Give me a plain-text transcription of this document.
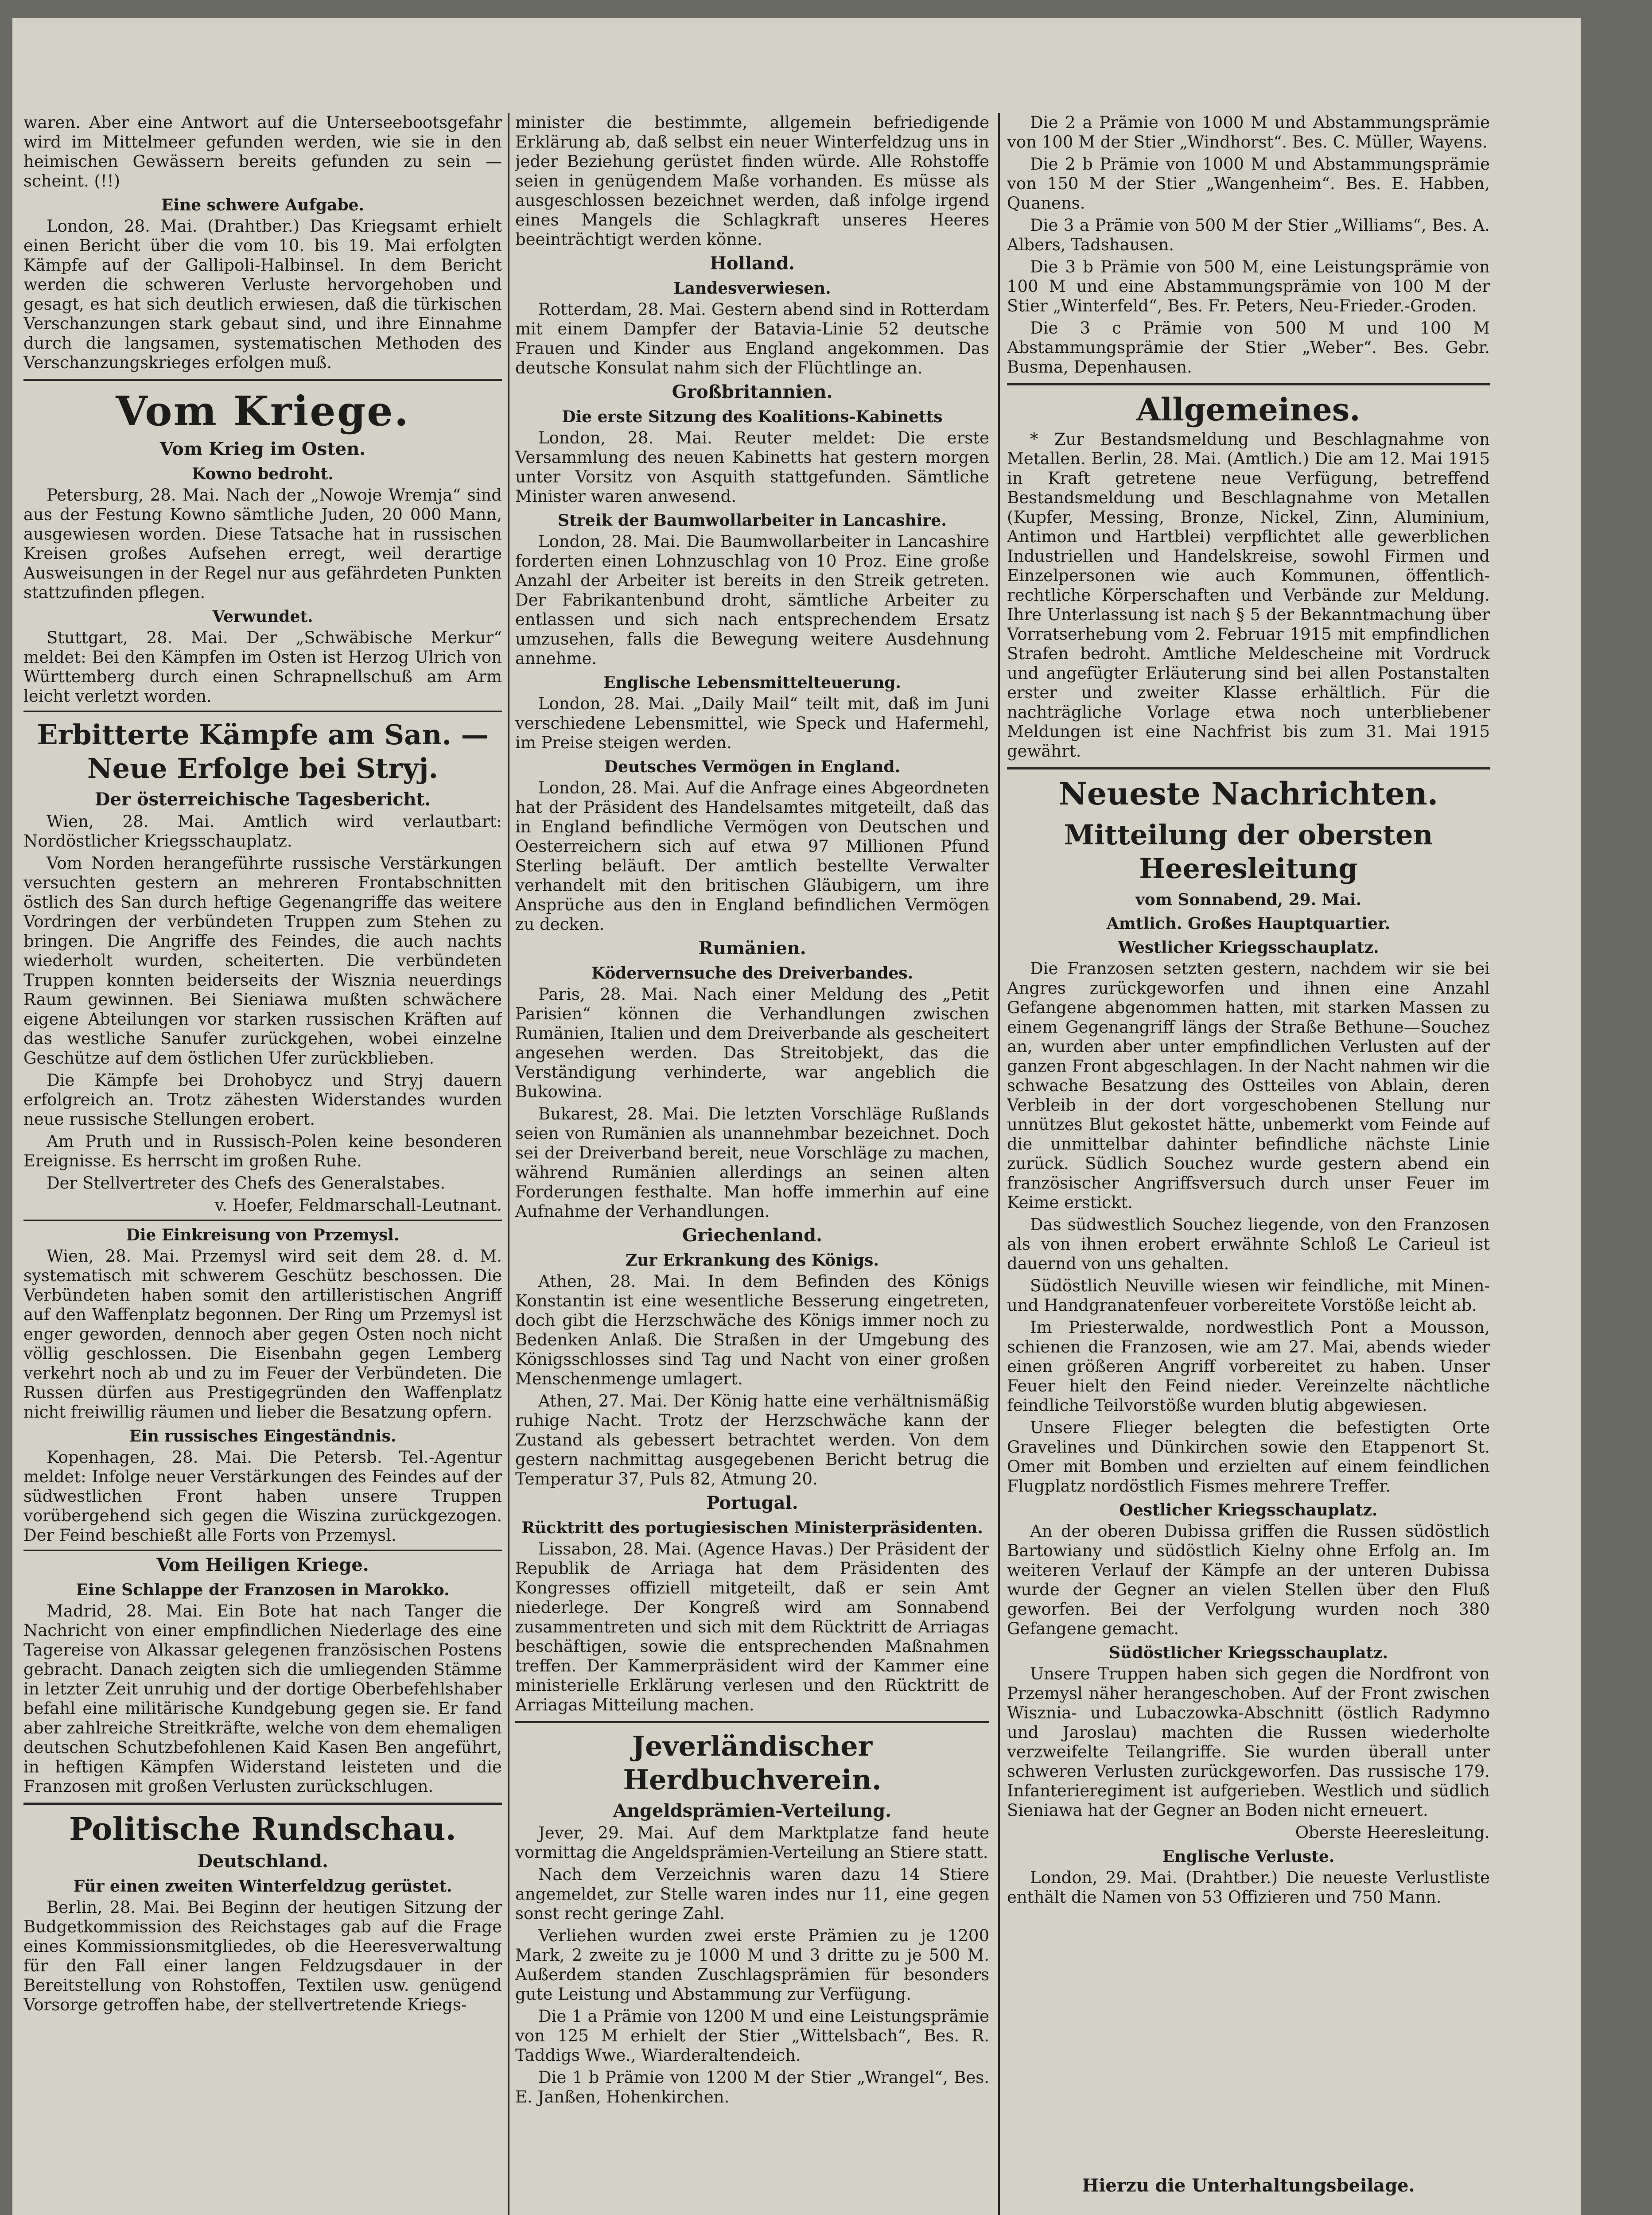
waren. Aber eine Antwort auf die Unterseebootsgefahr wird im Mittelmeer gefunden werden, wie sie in den heimischen Gewässern bereits gefunden zu sein — scheint. (!!)

Eine schwere Aufgabe.

London, 28. Mai. (Drahtber.) Das Kriegsamt erhielt einen Bericht über die vom 10. bis 19. Mai erfolgten Kämpfe auf der Gallipoli-Halbinsel. In dem Bericht werden die schweren Verluste hervorgehoben und gesagt, es hat sich deutlich erwiesen, daß die türkischen Verschanzungen stark gebaut sind, und ihre Einnahme durch die langsamen, systematischen Methoden des Verschanzungskrieges erfolgen muß.

Vom Kriege.
Vom Krieg im Osten.
Kowno bedroht.

Petersburg, 28. Mai. Nach der „Nowoje Wremja“ sind aus der Festung Kowno sämtliche Juden, 20 000 Mann, ausgewiesen worden. Diese Tatsache hat in russischen Kreisen großes Aufsehen erregt, weil derartige Ausweisungen in der Regel nur aus gefährdeten Punkten stattzufinden pflegen.

Verwundet.

Stuttgart, 28. Mai. Der „Schwäbische Merkur“ meldet: Bei den Kämpfen im Osten ist Herzog Ulrich von Württemberg durch einen Schrapnellschuß am Arm leicht verletzt worden.

Erbitterte Kämpfe am San. — Neue Erfolge bei Stryj.
Der österreichische Tagesbericht.

Wien, 28. Mai. Amtlich wird verlautbart: Nordöstlicher Kriegsschauplatz.

Vom Norden herangeführte russische Verstärkungen versuchten gestern an mehreren Frontabschnitten östlich des San durch heftige Gegenangriffe das weitere Vordringen der verbündeten Truppen zum Stehen zu bringen. Die Angriffe des Feindes, die auch nachts wiederholt wurden, scheiterten. Die verbündeten Truppen konnten beiderseits der Wisznia neuerdings Raum gewinnen. Bei Sieniawa mußten schwächere eigene Abteilungen vor starken russischen Kräften auf das westliche Sanufer zurückgehen, wobei einzelne Geschütze auf dem östlichen Ufer zurückblieben.

Die Kämpfe bei Drohobycz und Stryj dauern erfolgreich an. Trotz zähesten Widerstandes wurden neue russische Stellungen erobert.

Am Pruth und in Russisch-Polen keine besonderen Ereignisse. Es herrscht im großen Ruhe.

Der Stellvertreter des Chefs des Generalstabes.

v. Hoefer, Feldmarschall-Leutnant.
Die Einkreisung von Przemysl.

Wien, 28. Mai. Przemysl wird seit dem 28. d. M. systematisch mit schwerem Geschütz beschossen. Die Verbündeten haben somit den artilleristischen Angriff auf den Waffenplatz begonnen. Der Ring um Przemysl ist enger geworden, dennoch aber gegen Osten noch nicht völlig geschlossen. Die Eisenbahn gegen Lemberg verkehrt noch ab und zu im Feuer der Verbündeten. Die Russen dürfen aus Prestigegründen den Waffenplatz nicht freiwillig räumen und lieber die Besatzung opfern.

Ein russisches Eingeständnis.

Kopenhagen, 28. Mai. Die Petersb. Tel.-Agentur meldet: Infolge neuer Verstärkungen des Feindes auf der südwestlichen Front haben unsere Truppen vorübergehend sich gegen die Wiszina zurückgezogen. Der Feind beschießt alle Forts von Przemysl.

Vom Heiligen Kriege.
Eine Schlappe der Franzosen in Marokko.

Madrid, 28. Mai. Ein Bote hat nach Tanger die Nachricht von einer empfindlichen Niederlage des eine Tagereise von Alkassar gelegenen französischen Postens gebracht. Danach zeigten sich die umliegenden Stämme in letzter Zeit unruhig und der dortige Oberbefehlshaber befahl eine militärische Kundgebung gegen sie. Er fand aber zahlreiche Streitkräfte, welche von dem ehemaligen deutschen Schutzbefohlenen Kaid Kasen Ben angeführt, in heftigen Kämpfen Widerstand leisteten und die Franzosen mit großen Verlusten zurückschlugen.

Politische Rundschau.
Deutschland.
Für einen zweiten Winterfeldzug gerüstet.

Berlin, 28. Mai. Bei Beginn der heutigen Sitzung der Budgetkommission des Reichstages gab auf die Frage eines Kommissionsmitgliedes, ob die Heeresverwaltung für den Fall einer langen Feldzugsdauer in der Bereitstellung von Rohstoffen, Textilen usw. genügend Vorsorge getroffen habe, der stellvertretende Kriegs-

minister die bestimmte, allgemein befriedigende Erklärung ab, daß selbst ein neuer Winterfeldzug uns in jeder Beziehung gerüstet finden würde. Alle Rohstoffe seien in genügendem Maße vorhanden. Es müsse als ausgeschlossen bezeichnet werden, daß infolge irgend eines Mangels die Schlagkraft unseres Heeres beeinträchtigt werden könne.

Holland.
Landesverwiesen.

Rotterdam, 28. Mai. Gestern abend sind in Rotterdam mit einem Dampfer der Batavia-Linie 52 deutsche Frauen und Kinder aus England angekommen. Das deutsche Konsulat nahm sich der Flüchtlinge an.

Großbritannien.
Die erste Sitzung des Koalitions-Kabinetts

London, 28. Mai. Reuter meldet: Die erste Versammlung des neuen Kabinetts hat gestern morgen unter Vorsitz von Asquith stattgefunden. Sämtliche Minister waren anwesend.

Streik der Baumwollarbeiter in Lancashire.

London, 28. Mai. Die Baumwollarbeiter in Lancashire forderten einen Lohnzuschlag von 10 Proz. Eine große Anzahl der Arbeiter ist bereits in den Streik getreten. Der Fabrikantenbund droht, sämtliche Arbeiter zu entlassen und sich nach entsprechendem Ersatz umzusehen, falls die Bewegung weitere Ausdehnung annehme.

Englische Lebensmittelteuerung.

London, 28. Mai. „Daily Mail“ teilt mit, daß im Juni verschiedene Lebensmittel, wie Speck und Hafermehl, im Preise steigen werden.

Deutsches Vermögen in England.

London, 28. Mai. Auf die Anfrage eines Abgeordneten hat der Präsident des Handelsamtes mitgeteilt, daß das in England befindliche Vermögen von Deutschen und Oesterreichern sich auf etwa 97 Millionen Pfund Sterling beläuft. Der amtlich bestellte Verwalter verhandelt mit den britischen Gläubigern, um ihre Ansprüche aus den in England befindlichen Vermögen zu decken.

Rumänien.
Ködervernsuche des Dreiverbandes.

Paris, 28. Mai. Nach einer Meldung des „Petit Parisien“ können die Verhandlungen zwischen Rumänien, Italien und dem Dreiverbande als gescheitert angesehen werden. Das Streitobjekt, das die Verständigung verhinderte, war angeblich die Bukowina.

Bukarest, 28. Mai. Die letzten Vorschläge Rußlands seien von Rumänien als unannehmbar bezeichnet. Doch sei der Dreiverband bereit, neue Vorschläge zu machen, während Rumänien allerdings an seinen alten Forderungen festhalte. Man hoffe immerhin auf eine Aufnahme der Verhandlungen.

Griechenland.
Zur Erkrankung des Königs.

Athen, 28. Mai. In dem Befinden des Königs Konstantin ist eine wesentliche Besserung eingetreten, doch gibt die Herzschwäche des Königs immer noch zu Bedenken Anlaß. Die Straßen in der Umgebung des Königsschlosses sind Tag und Nacht von einer großen Menschenmenge umlagert.

Athen, 27. Mai. Der König hatte eine verhältnismäßig ruhige Nacht. Trotz der Herzschwäche kann der Zustand als gebessert betrachtet werden. Von dem gestern nachmittag ausgegebenen Bericht betrug die Temperatur 37, Puls 82, Atmung 20.

Portugal.
Rücktritt des portugiesischen Ministerpräsidenten.

Lissabon, 28. Mai. (Agence Havas.) Der Präsident der Republik de Arriaga hat dem Präsidenten des Kongresses offiziell mitgeteilt, daß er sein Amt niederlege. Der Kongreß wird am Sonnabend zusammentreten und sich mit dem Rücktritt de Arriagas beschäftigen, sowie die entsprechenden Maßnahmen treffen. Der Kammerpräsident wird der Kammer eine ministerielle Erklärung verlesen und den Rücktritt de Arriagas Mitteilung machen.

Jeverländischer Herdbuchverein.
Angeldsprämien-Verteilung.

Jever, 29. Mai. Auf dem Marktplatze fand heute vormittag die Angeldsprämien-Verteilung an Stiere statt.

Nach dem Verzeichnis waren dazu 14 Stiere angemeldet, zur Stelle waren indes nur 11, eine gegen sonst recht geringe Zahl.

Verliehen wurden zwei erste Prämien zu je 1200 Mark, 2 zweite zu je 1000 M und 3 dritte zu je 500 M. Außerdem standen Zuschlagsprämien für besonders gute Leistung und Abstammung zur Verfügung.

Die 1 a Prämie von 1200 M und eine Leistungsprämie von 125 M erhielt der Stier „Wittelsbach“, Bes. R. Taddigs Wwe., Wiarderaltendeich.

Die 1 b Prämie von 1200 M der Stier „Wrangel“, Bes. E. Janßen, Hohenkirchen.

Die 2 a Prämie von 1000 M und Abstammungsprämie von 100 M der Stier „Windhorst“. Bes. C. Müller, Wayens.

Die 2 b Prämie von 1000 M und Abstammungsprämie von 150 M der Stier „Wangenheim“. Bes. E. Habben, Quanens.

Die 3 a Prämie von 500 M der Stier „Williams“, Bes. A. Albers, Tadshausen.

Die 3 b Prämie von 500 M, eine Leistungsprämie von 100 M und eine Abstammungsprämie von 100 M der Stier „Winterfeld“, Bes. Fr. Peters, Neu-Frieder.-Groden.

Die 3 c Prämie von 500 M und 100 M Abstammungsprämie der Stier „Weber“. Bes. Gebr. Busma, Depenhausen.

Allgemeines.

* Zur Bestandsmeldung und Beschlagnahme von Metallen. Berlin, 28. Mai. (Amtlich.) Die am 12. Mai 1915 in Kraft getretene neue Verfügung, betreffend Bestandsmeldung und Beschlagnahme von Metallen (Kupfer, Messing, Bronze, Nickel, Zinn, Aluminium, Antimon und Hartblei) verpflichtet alle gewerblichen Industriellen und Handelskreise, sowohl Firmen und Einzelpersonen wie auch Kommunen, öffentlich-rechtliche Körperschaften und Verbände zur Meldung. Ihre Unterlassung ist nach § 5 der Bekanntmachung über Vorratserhebung vom 2. Februar 1915 mit empfindlichen Strafen bedroht. Amtliche Meldescheine mit Vordruck und angefügter Erläuterung sind bei allen Postanstalten erster und zweiter Klasse erhältlich. Für die nachträgliche Vorlage etwa noch unterbliebener Meldungen ist eine Nachfrist bis zum 31. Mai 1915 gewährt.

Neueste Nachrichten.
Mitteilung der obersten Heeresleitung
vom Sonnabend, 29. Mai.
Amtlich. Großes Hauptquartier.
Westlicher Kriegsschauplatz.

Die Franzosen setzten gestern, nachdem wir sie bei Angres zurückgeworfen und ihnen eine Anzahl Gefangene abgenommen hatten, mit starken Massen zu einem Gegenangriff längs der Straße Bethune—Souchez an, wurden aber unter empfindlichen Verlusten auf der ganzen Front abgeschlagen. In der Nacht nahmen wir die schwache Besatzung des Ostteiles von Ablain, deren Verbleib in der dort vorgeschobenen Stellung nur unnützes Blut gekostet hätte, unbemerkt vom Feinde auf die unmittelbar dahinter befindliche nächste Linie zurück. Südlich Souchez wurde gestern abend ein französischer Angriffsversuch durch unser Feuer im Keime erstickt.

Das südwestlich Souchez liegende, von den Franzosen als von ihnen erobert erwähnte Schloß Le Carieul ist dauernd von uns gehalten.

Südöstlich Neuville wiesen wir feindliche, mit Minen- und Handgranatenfeuer vorbereitete Vorstöße leicht ab.

Im Priesterwalde, nordwestlich Pont a Mousson, schienen die Franzosen, wie am 27. Mai, abends wieder einen größeren Angriff vorbereitet zu haben. Unser Feuer hielt den Feind nieder. Vereinzelte nächtliche feindliche Teilvorstöße wurden blutig abgewiesen.

Unsere Flieger belegten die befestigten Orte Gravelines und Dünkirchen sowie den Etappenort St. Omer mit Bomben und erzielten auf einem feindlichen Flugplatz nordöstlich Fismes mehrere Treffer.

Oestlicher Kriegsschauplatz.

An der oberen Dubissa griffen die Russen südöstlich Bartowiany und südöstlich Kielny ohne Erfolg an. Im weiteren Verlauf der Kämpfe an der unteren Dubissa wurde der Gegner an vielen Stellen über den Fluß geworfen. Bei der Verfolgung wurden noch 380 Gefangene gemacht.

Südöstlicher Kriegsschauplatz.

Unsere Truppen haben sich gegen die Nordfront von Przemysl näher herangeschoben. Auf der Front zwischen Wisznia- und Lubaczowka-Abschnitt (östlich Radymno und Jaroslau) machten die Russen wiederholte verzweifelte Teilangriffe. Sie wurden überall unter schweren Verlusten zurückgeworfen. Das russische 179. Infanterieregiment ist aufgerieben. Westlich und südlich Sieniawa hat der Gegner an Boden nicht erneuert.

Oberste Heeresleitung.
Englische Verluste.

London, 29. Mai. (Drahtber.) Die neueste Verlustliste enthält die Namen von 53 Offizieren und 750 Mann.

Hierzu die Unterhaltungsbeilage.
